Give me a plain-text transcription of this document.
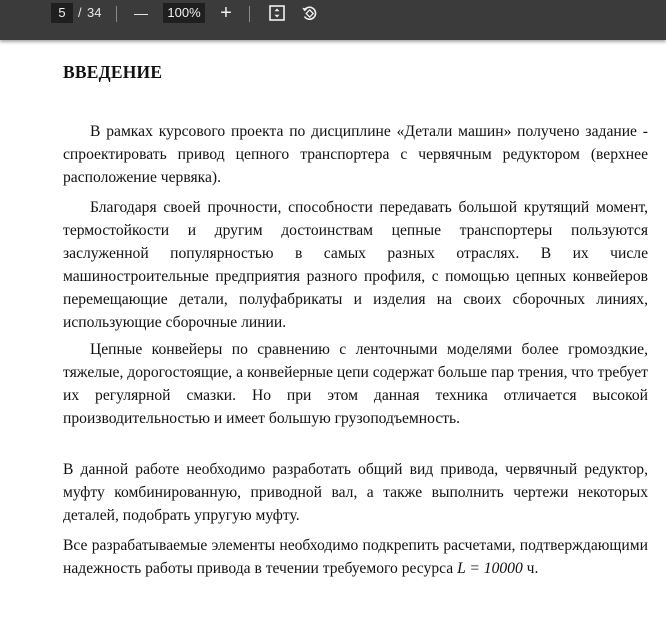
5 / 34 —	100% +
ВВЕДЕНИЕ

В рамках курсового проекта по дисциплине «Детали машин» получено задание - спроектировать привод цепного транспортера с червячным редуктором (верхнее расположение червяка).

Благодаря своей прочности, способности передавать большой крутящий момент, термостойкости и другим достоинствам цепные транспортеры пользуются заслуженной популярностью в самых разных отраслях. В их числе машиностроительные предприятия разного профиля, с помощью цепных конвейеров перемещающие детали, полуфабрикаты и изделия на своих сборочных линиях, использующие сборочные линии.

Цепные конвейеры по сравнению с ленточными моделями более громоздкие, тяжелые, дорогостоящие, а конвейерные цепи содержат больше пар трения, что требует их регулярной смазки. Но при этом данная техника отличается высокой производительностью и имеет большую грузоподъемность.

В данной работе необходимо разработать общий вид привода, червячный редуктор, муфту комбинированную, приводной вал, а также выполнить чертежи некоторых деталей, подобрать упругую муфту.

Все разрабатываемые элементы необходимо подкрепить расчетами, подтверждающими надежность работы привода в течении требуемого ресурса L = 10000 ч.
